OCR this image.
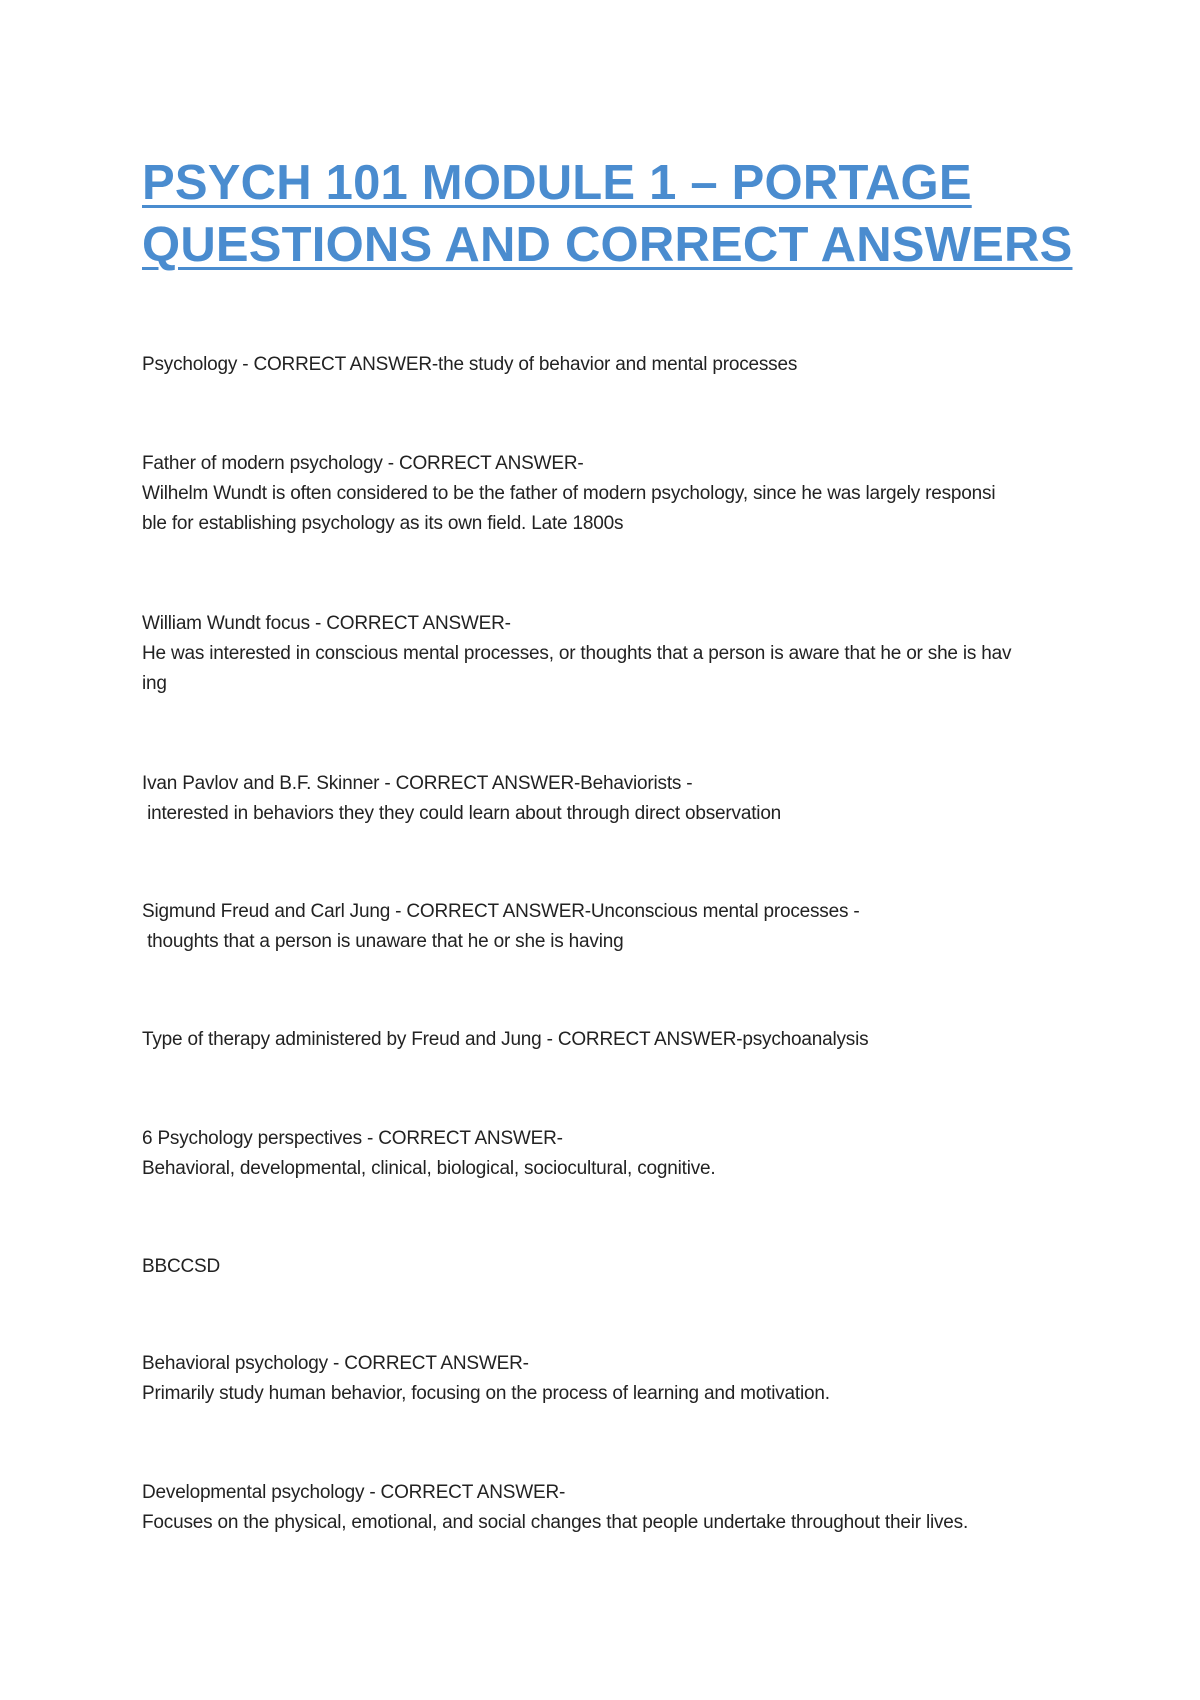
PSYCH 101 MODULE 1 – PORTAGE
QUESTIONS AND CORRECT ANSWERS
Psychology - CORRECT ANSWER-the study of behavior and mental processes
Father of modern psychology - CORRECT ANSWER-
Wilhelm Wundt is often considered to be the father of modern psychology, since he was largely responsi
ble for establishing psychology as its own field. Late 1800s
William Wundt focus - CORRECT ANSWER-
He was interested in conscious mental processes, or thoughts that a person is aware that he or she is hav
ing
Ivan Pavlov and B.F. Skinner - CORRECT ANSWER-Behaviorists -
interested in behaviors they they could learn about through direct observation
Sigmund Freud and Carl Jung - CORRECT ANSWER-Unconscious mental processes -
thoughts that a person is unaware that he or she is having
Type of therapy administered by Freud and Jung - CORRECT ANSWER-psychoanalysis
6 Psychology perspectives - CORRECT ANSWER-
Behavioral, developmental, clinical, biological, sociocultural, cognitive.
BBCCSD
Behavioral psychology - CORRECT ANSWER-
Primarily study human behavior, focusing on the process of learning and motivation.
Developmental psychology - CORRECT ANSWER-
Focuses on the physical, emotional, and social changes that people undertake throughout their lives.
